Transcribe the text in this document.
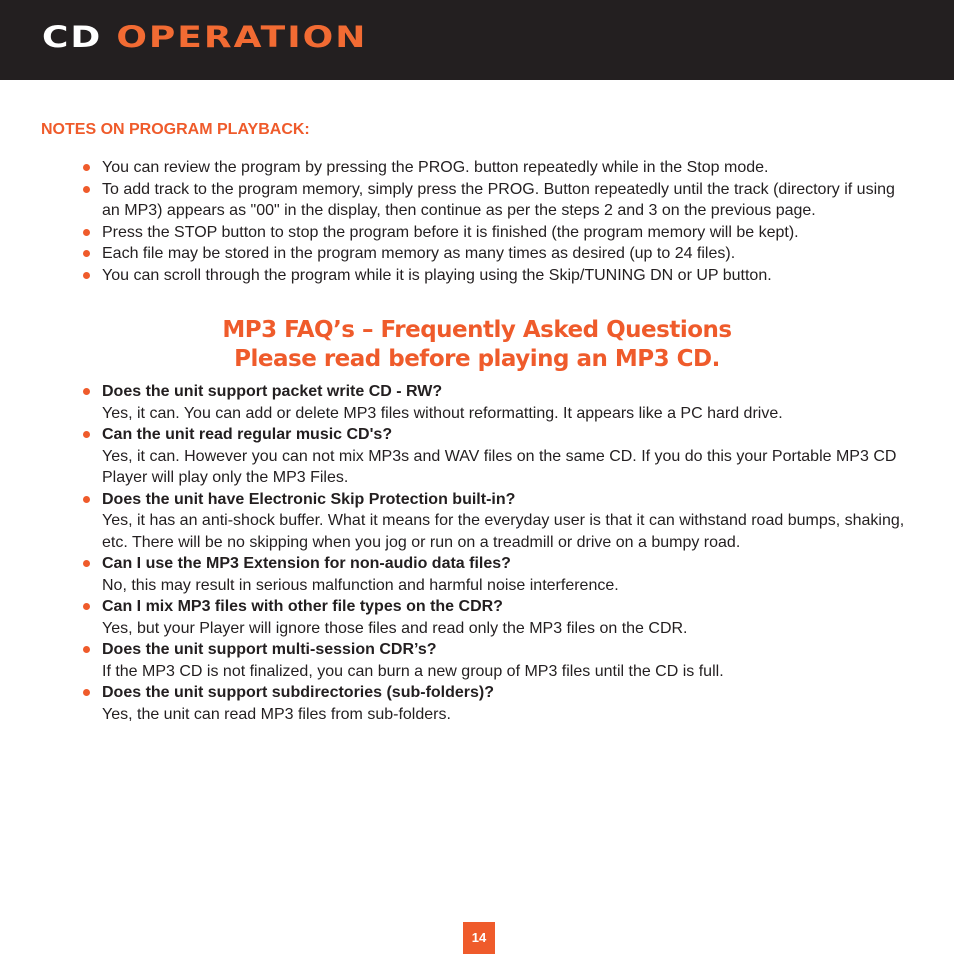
CD OPERATION
NOTES ON PROGRAM PLAYBACK:
You can review the program by pressing the PROG. button repeatedly while in the Stop mode.
To add track to the program memory, simply press the PROG. Button repeatedly until the track (directory if using an MP3) appears as "00" in the display, then continue as per the steps 2 and 3 on the previous page.
Press the STOP button to stop the program before it is finished (the program memory will be kept).
Each file may be stored in the program memory as many times as desired (up to 24 files).
You can scroll through the program while it is playing using the Skip/TUNING DN or UP button.
MP3 FAQ’s – Frequently Asked Questions
Please read before playing an MP3 CD.
Does the unit support packet write CD - RW?
Yes, it can. You can add or delete MP3 files without reformatting. It appears like a PC hard drive.
Can the unit read regular music CD's?
Yes, it can. However you can not mix MP3s and WAV files on the same CD. If you do this your Portable MP3 CD Player will play only the MP3 Files.
Does the unit have Electronic Skip Protection built-in?
Yes, it has an anti-shock buffer. What it means for the everyday user is that it can withstand road bumps, shaking, etc. There will be no skipping when you jog or run on a treadmill or drive on a bumpy road.
Can I use the MP3 Extension for non-audio data files?
No, this may result in serious malfunction and harmful noise interference.
Can I mix MP3 files with other file types on the CDR?
Yes, but your Player will ignore those files and read only the MP3 files on the CDR.
Does the unit support multi-session CDR’s?
If the MP3 CD is not finalized, you can burn a new group of MP3 files until the CD is full.
Does the unit support subdirectories (sub-folders)?
Yes, the unit can read MP3 files from sub-folders.
14
